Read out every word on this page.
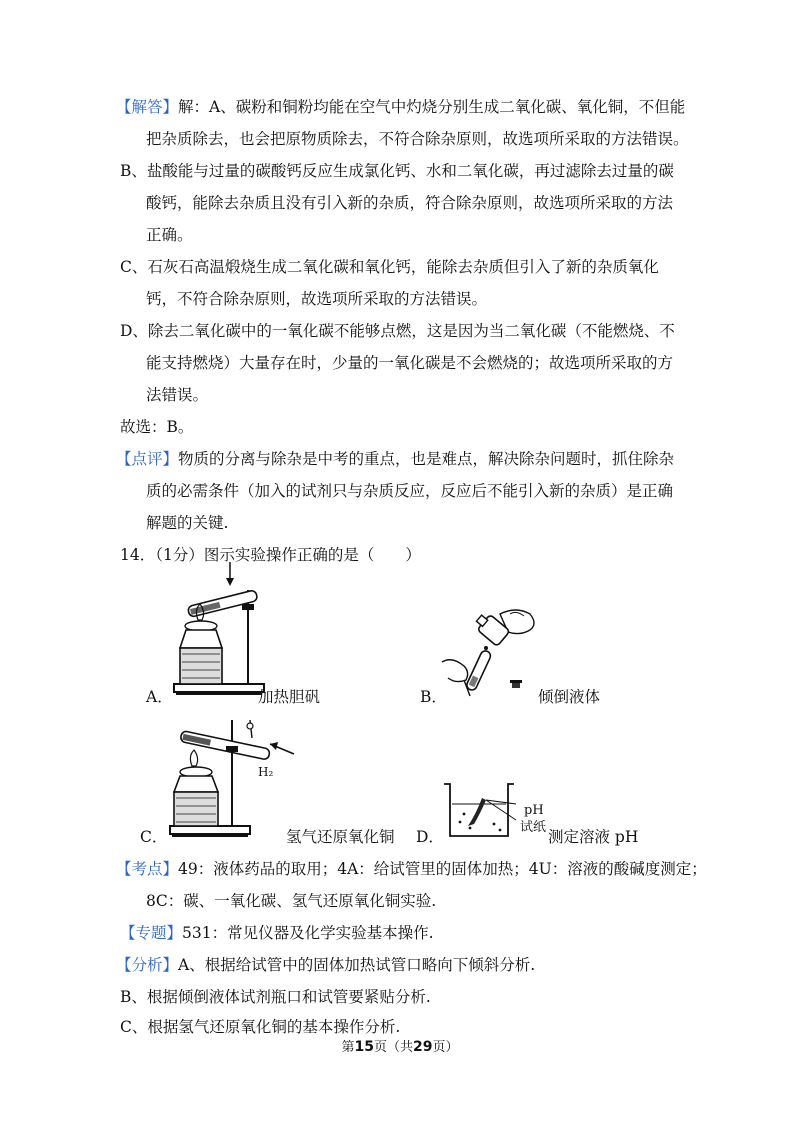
【解答】解：A、碳粉和铜粉均能在空气中灼烧分别生成二氧化碳、氧化铜，不但能
把杂质除去，也会把原物质除去，不符合除杂原则，故选项所采取的方法错误。
B、盐酸能与过量的碳酸钙反应生成氯化钙、水和二氧化碳，再过滤除去过量的碳
酸钙，能除去杂质且没有引入新的杂质，符合除杂原则，故选项所采取的方法
正确。
C、石灰石高温煅烧生成二氧化碳和氧化钙，能除去杂质但引入了新的杂质氧化
钙，不符合除杂原则，故选项所采取的方法错误。
D、除去二氧化碳中的一氧化碳不能够点燃，这是因为当二氧化碳（不能燃烧、不
能支持燃烧）大量存在时，少量的一氧化碳是不会燃烧的；故选项所采取的方
法错误。
故选：B。
【点评】物质的分离与除杂是中考的重点，也是难点，解决除杂问题时，抓住除杂
质的必需条件（加入的试剂只与杂质反应，反应后不能引入新的杂质）是正确
解题的关键.
14．（1分）图示实验操作正确的是（　　）
A．	加热胆矾	B．	倾倒液体
C．
H₂
氢气还原氧化铜 D．
pH
试纸
测定溶液 pH
【考点】49：液体药品的取用；4A：给试管里的固体加热；4U：溶液的酸碱度测定；
8C：碳、一氧化碳、氢气还原氧化铜实验.
【专题】531：常见仪器及化学实验基本操作.
【分析】A、根据给试管中的固体加热试管口略向下倾斜分析.
B、根据倾倒液体试剂瓶口和试管要紧贴分析.
C、根据氢气还原氧化铜的基本操作分析.
第15页（共29页）
